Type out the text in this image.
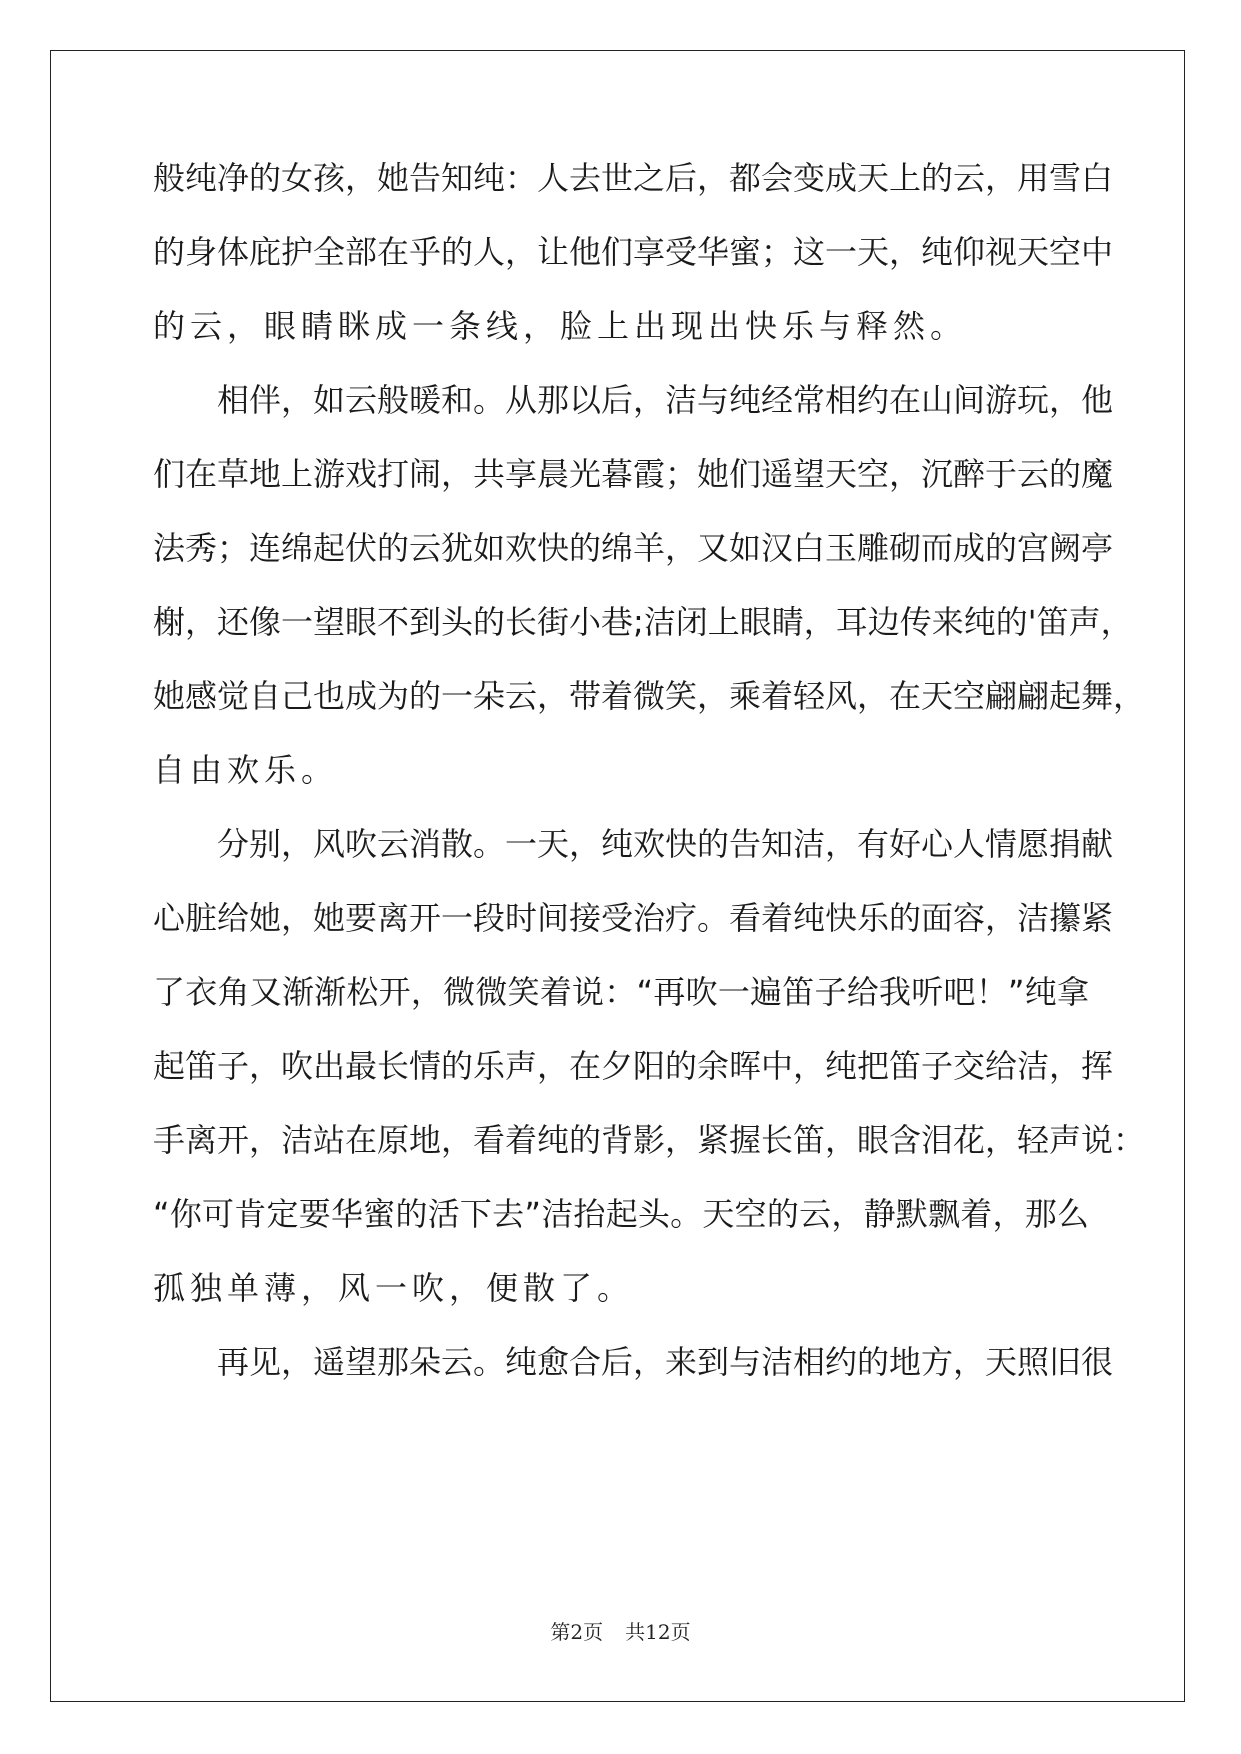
般纯净的女孩，她告知纯：人去世之后，都会变成天上的云，用雪白
的身体庇护全部在乎的人，让他们享受华蜜；这一天，纯仰视天空中
的云，眼睛眯成一条线，脸上出现出快乐与释然。
相伴，如云般暖和。从那以后，洁与纯经常相约在山间游玩，他
们在草地上游戏打闹，共享晨光暮霞；她们遥望天空，沉醉于云的魔
法秀；连绵起伏的云犹如欢快的绵羊，又如汉白玉雕砌而成的宫阙亭
榭，还像一望眼不到头的长街小巷;洁闭上眼睛，耳边传来纯的'笛声，
她感觉自己也成为的一朵云，带着微笑，乘着轻风，在天空翩翩起舞，
自由欢乐。
分别，风吹云消散。一天，纯欢快的告知洁，有好心人情愿捐献
心脏给她，她要离开一段时间接受治疗。看着纯快乐的面容，洁攥紧
了衣角又渐渐松开，微微笑着说：“再吹一遍笛子给我听吧！”纯拿
起笛子，吹出最长情的乐声，在夕阳的余晖中，纯把笛子交给洁，挥
手离开，洁站在原地，看着纯的背影，紧握长笛，眼含泪花，轻声说：
“你可肯定要华蜜的活下去”洁抬起头。天空的云，静默飘着，那么
孤独单薄，风一吹，便散了。
再见，遥望那朵云。纯愈合后，来到与洁相约的地方，天照旧很
第2页 共12页
